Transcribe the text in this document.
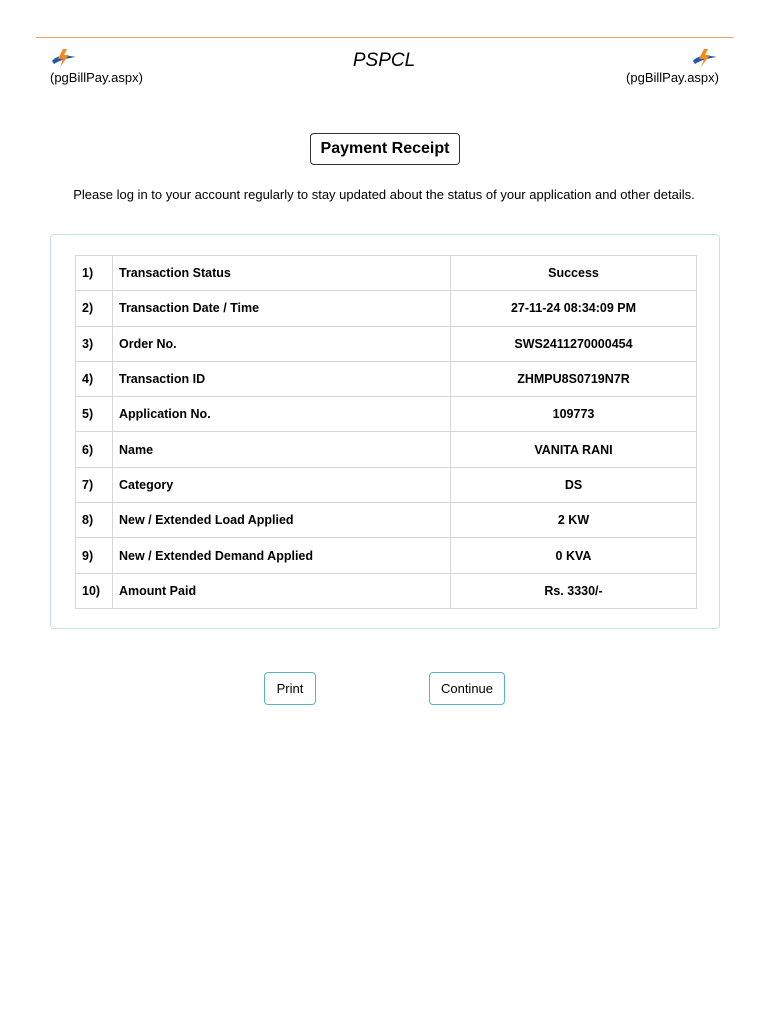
(pgBillPay.aspx)
PSPCL
(pgBillPay.aspx)
Payment Receipt
Please log in to your account regularly to stay updated about the status of your application and other details.
1)	Transaction Status	Success
2)	Transaction Date / Time	27-11-24 08:34:09 PM
3)	Order No.	SWS2411270000454
4)	Transaction ID	ZHMPU8S0719N7R
5)	Application No.	109773
6)	Name	VANITA RANI
7)	Category	DS
8)	New / Extended Load Applied	2 KW
9)	New / Extended Demand Applied	0 KVA
10)	Amount Paid	Rs. 3330/-
Print	Continue
